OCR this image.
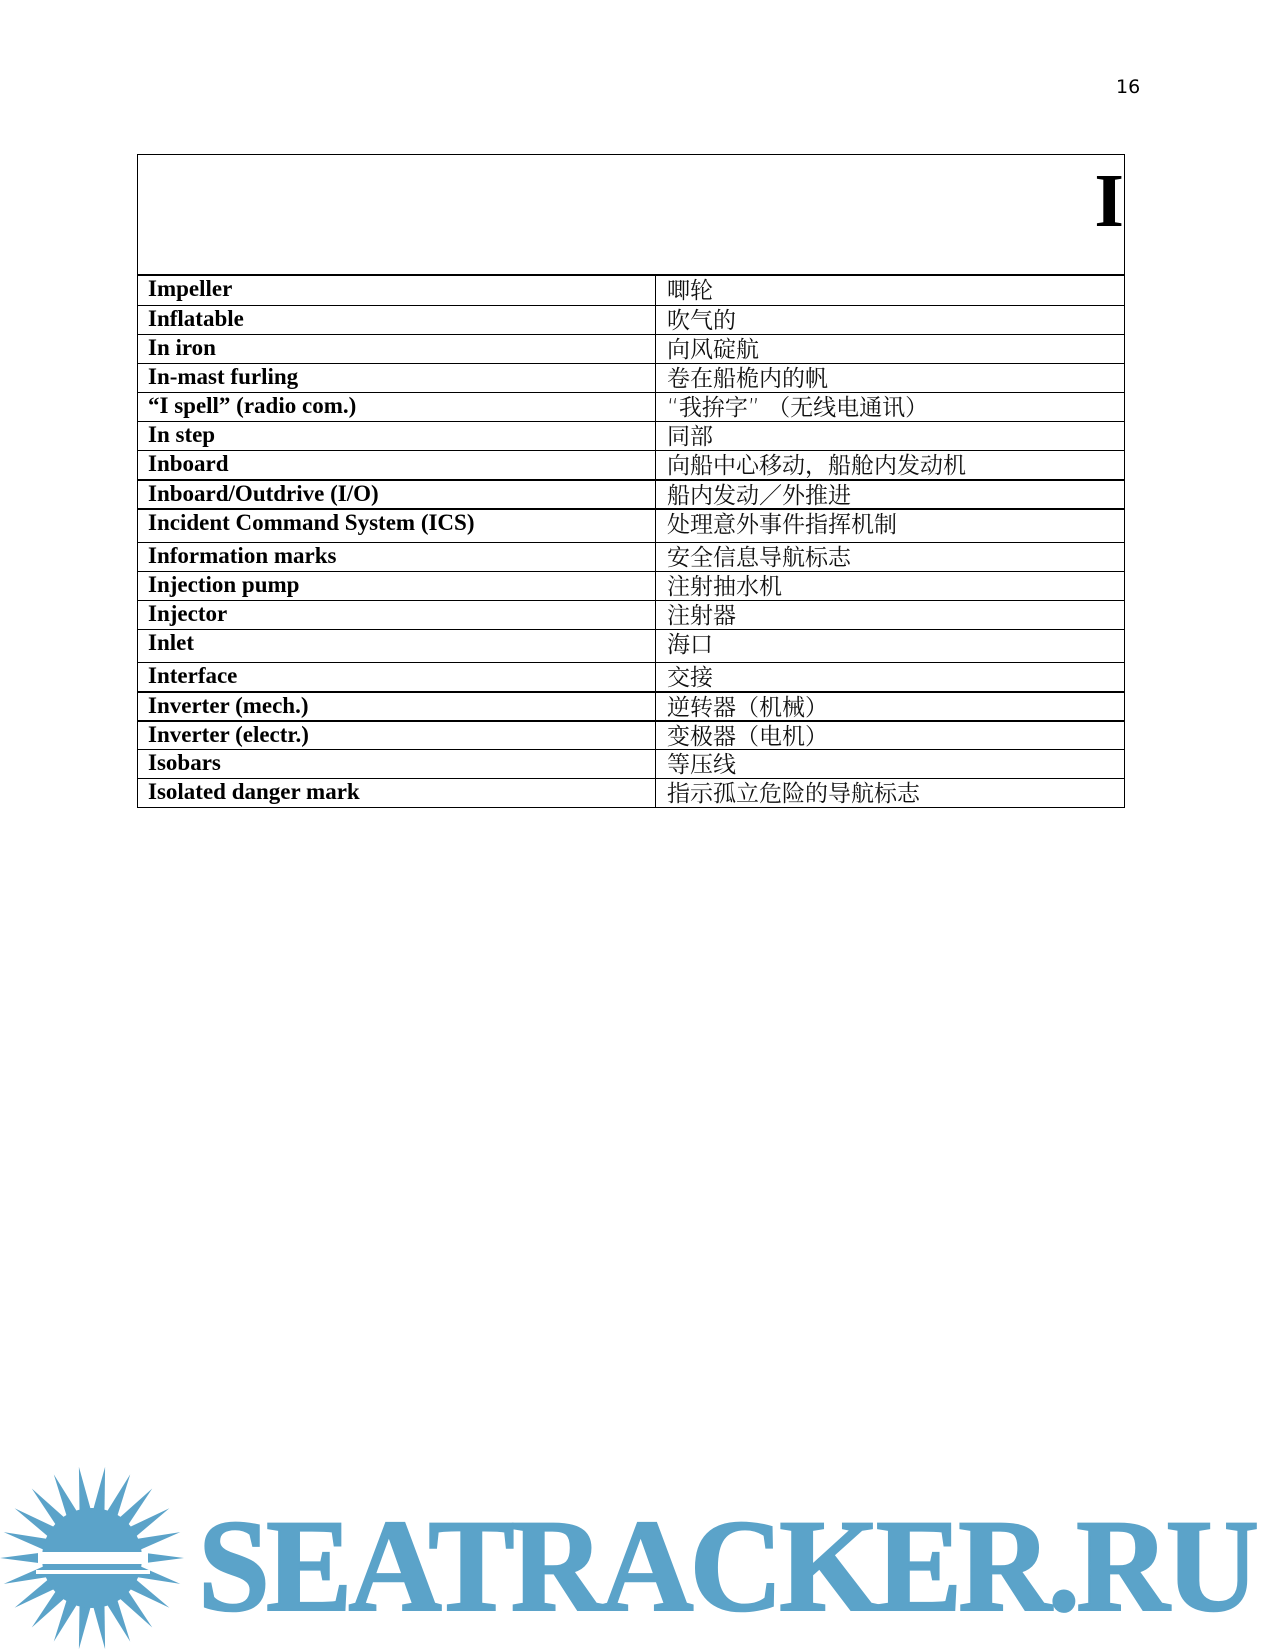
16
I
Impeller	唧轮
Inflatable	吹气的
In iron	向风碇航
In-mast furling	卷在船桅内的帆
“I spell” (radio com.)	“我拚字” （无线电通讯）
In step	同部
Inboard	向船中心移动，船舱内发动机
Inboard/Outdrive (I/O)	船内发动／外推进
Incident Command System (ICS)	处理意外事件指挥机制
Information marks	安全信息导航标志
Injection pump	注射抽水机
Injector	注射器
Inlet	海口
Interface	交接
Inverter (mech.)	逆转器（机械）
Inverter (electr.)	变极器（电机）
Isobars	等压线
Isolated danger mark	指示孤立危险的导航标志
SEATRACKER.RU
